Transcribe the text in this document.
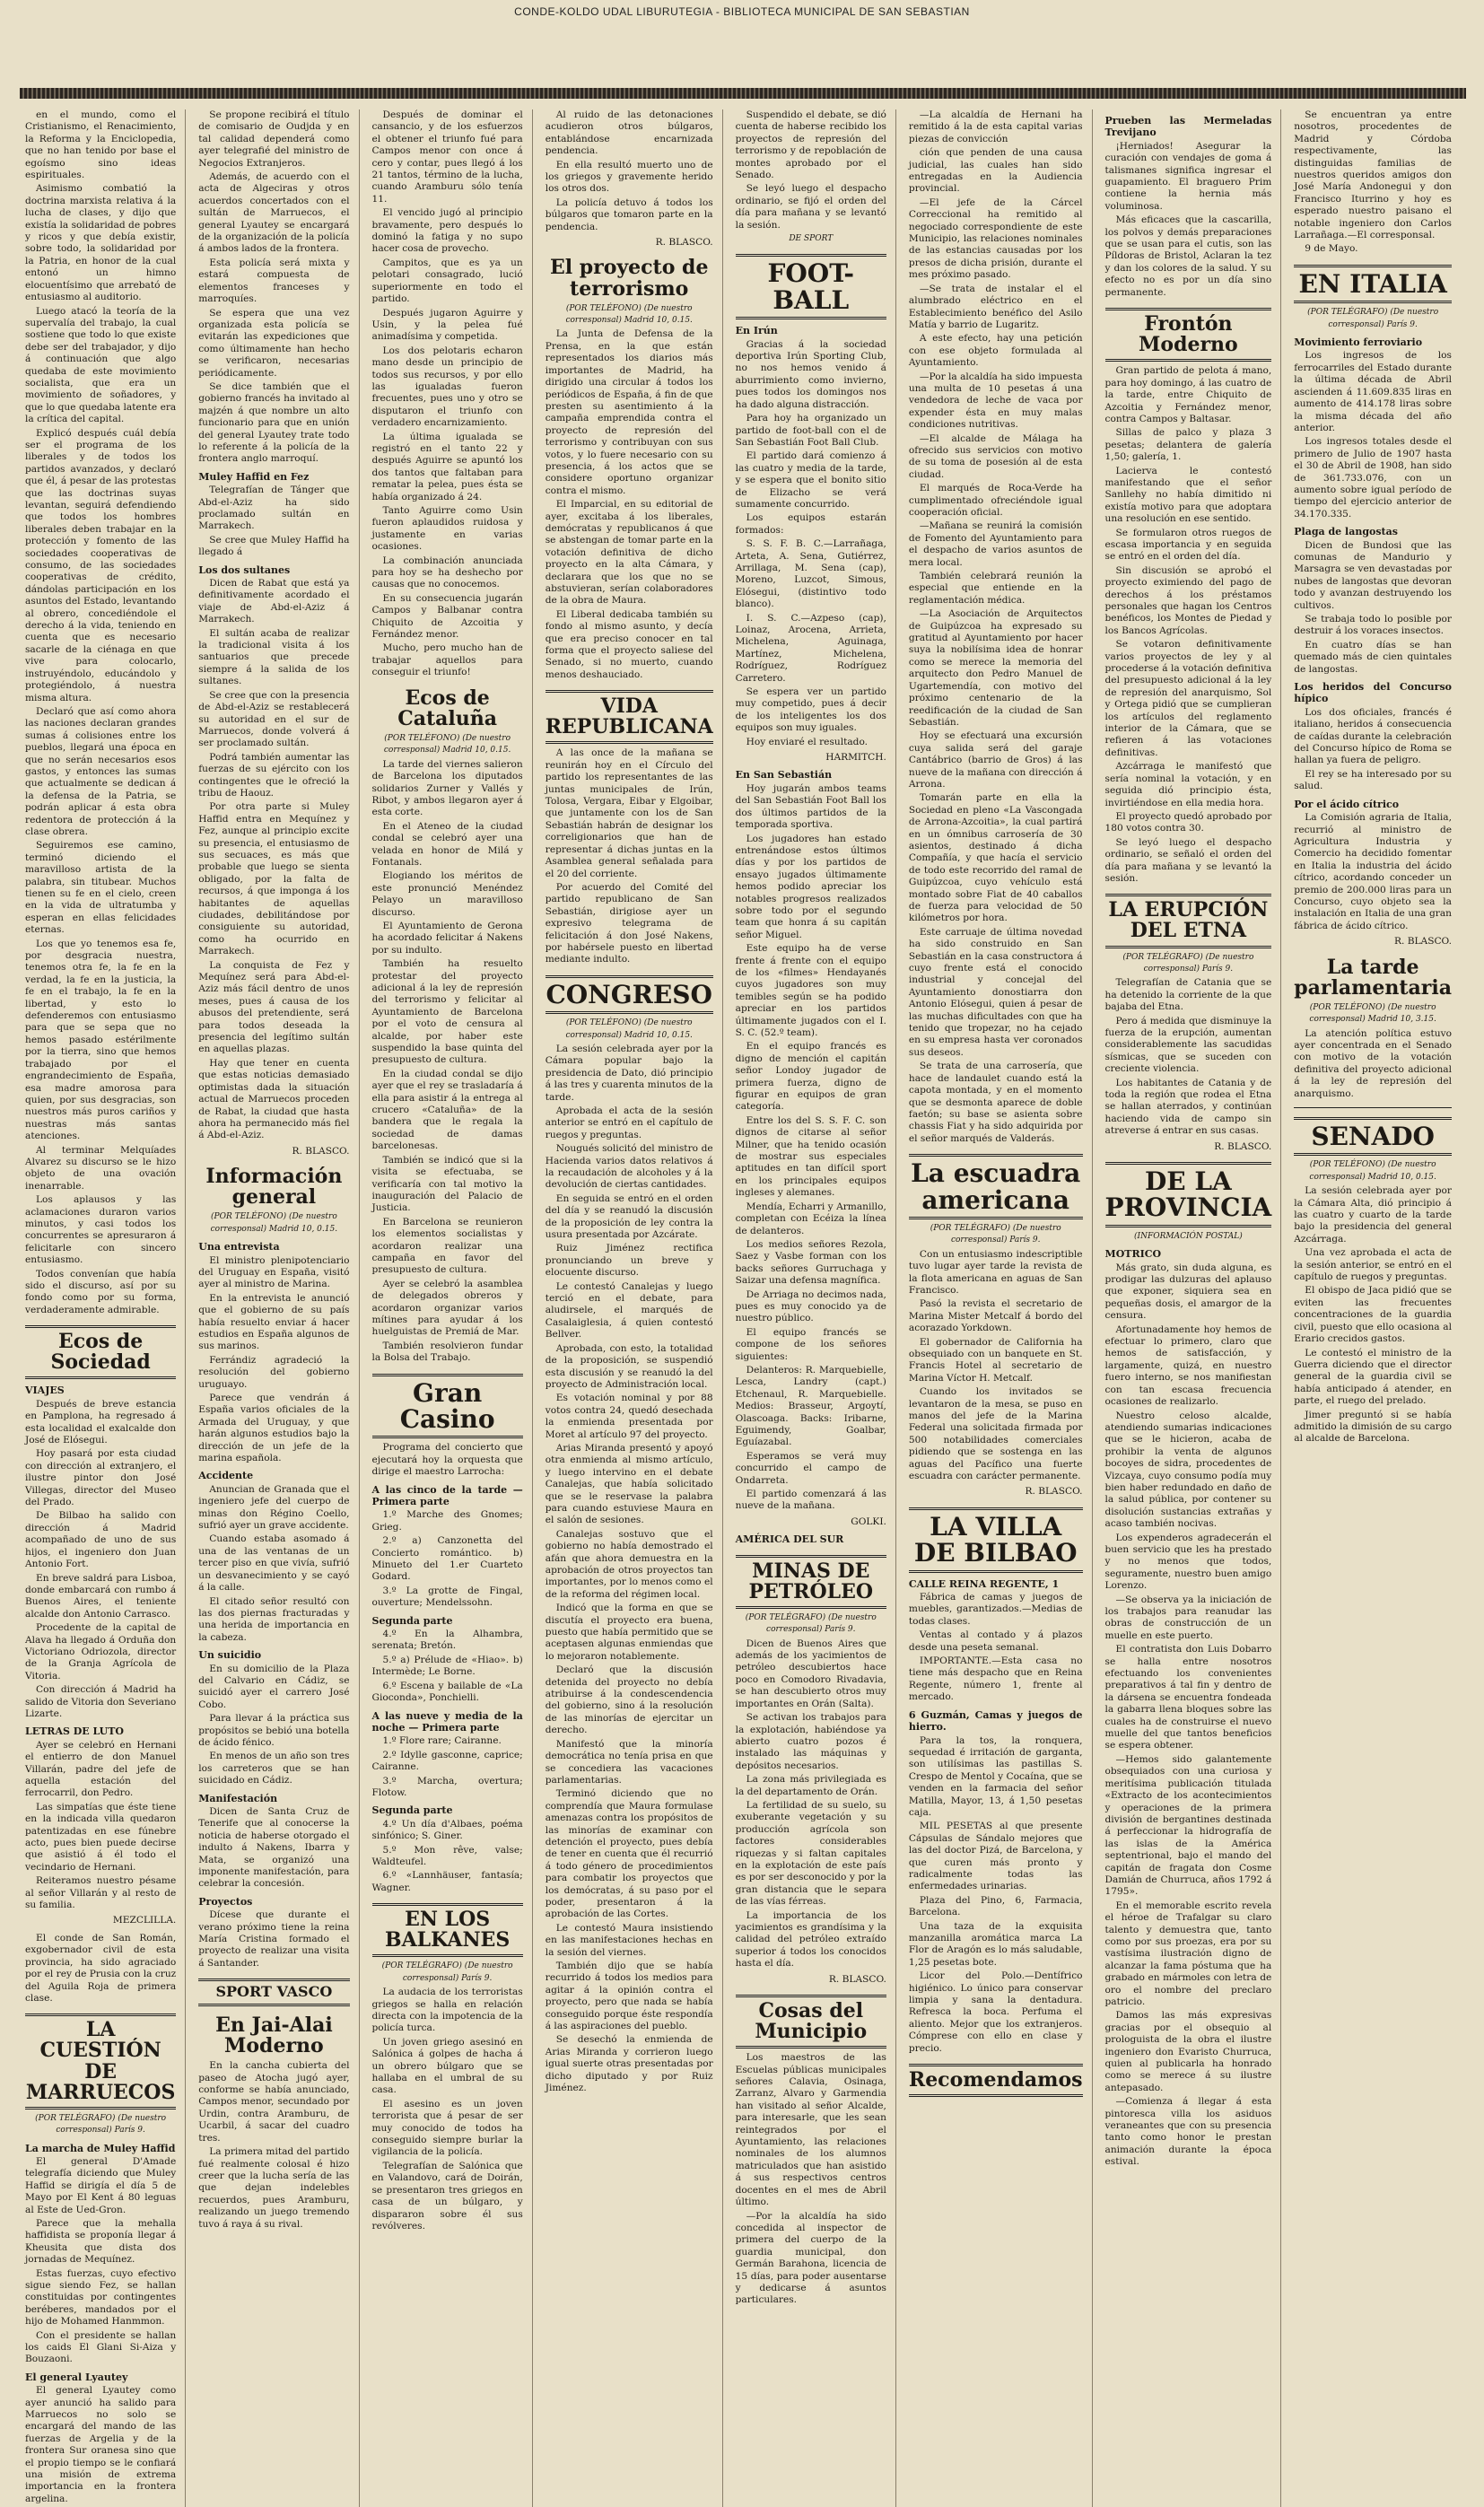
CONDE-KOLDO UDAL LIBURUTEGIA - BIBLIOTECA MUNICIPAL DE SAN SEBASTIAN

en el mundo, como el Cristianismo, el Renacimiento, la Reforma y la Enciclopedia, que no han tenido por base el egoísmo sino ideas espirituales.

Asimismo combatió la doctrina marxista relativa á la lucha de clases, y dijo que existía la solidaridad de pobres y ricos y que debía existir, sobre todo, la solidaridad por la Patria, en honor de la cual entonó un himno elocuentísimo que arrebató de entusiasmo al auditorio.

Luego atacó la teoría de la supervalía del trabajo, la cual sostiene que todo lo que existe debe ser del trabajador, y dijo á continuación que algo quedaba de este movimiento socialista, que era un movimiento de soñadores, y que lo que quedaba latente era la crítica del capital.

Explicó después cuál debía ser el programa de los liberales y de todos los partidos avanzados, y declaró que él, á pesar de las protestas que las doctrinas suyas levantan, seguirá defendiendo que todos los hombres liberales deben trabajar en la protección y fomento de las sociedades cooperativas de consumo, de las sociedades cooperativas de crédito, dándolas participación en los asuntos del Estado, levantando al obrero, concediéndole el derecho á la vida, teniendo en cuenta que es necesario sacarle de la ciénaga en que vive para colocarlo, instruyéndolo, educándolo y protegiéndolo, á nuestra misma altura.

Declaró que así como ahora las naciones declaran grandes sumas á colisiones entre los pueblos, llegará una época en que no serán necesarios esos gastos, y entonces las sumas que actualmente se dedican á la defensa de la Patria, se podrán aplicar á esta obra redentora de protección á la clase obrera.

Seguiremos ese camino, terminó diciendo el maravilloso artista de la palabra, sin titubear. Muchos tienen su fe en el cielo, creen en la vida de ultratumba y esperan en ellas felicidades eternas.

Los que yo tenemos esa fe, por desgracia nuestra, tenemos otra fe, la fe en la verdad, la fe en la justicia, la fe en el trabajo, la fe en la libertad, y esto lo defenderemos con entusiasmo para que se sepa que no hemos pasado estérilmente por la tierra, sino que hemos trabajado por el engrandecimiento de España, esa madre amorosa para quien, por sus desgracias, son nuestros más puros cariños y nuestras más santas atenciones.

Al terminar Melquíades Alvarez su discurso se le hizo objeto de una ovación inenarrable.

Los aplausos y las aclamaciones duraron varios minutos, y casi todos los concurrentes se apresuraron á felicitarle con sincero entusiasmo.

Todos convenían que había sido el discurso, así por su fondo como por su forma, verdaderamente admirable.

Ecos de Sociedad
VIAJES

Después de breve estancia en Pamplona, ha regresado á esta localidad el exalcalde don José de Elósegui.

Hoy pasará por esta ciudad con dirección al extranjero, el ilustre pintor don José Villegas, director del Museo del Prado.

De Bilbao ha salido con dirección á Madrid acompañado de uno de sus hijos, el ingeniero don Juan Antonio Fort.

En breve saldrá para Lisboa, donde embarcará con rumbo á Buenos Aires, el teniente alcalde don Antonio Carrasco.

Procedente de la capital de Alava ha llegado á Orduña don Victoriano Odriozola, director de la Granja Agrícola de Vitoria.

Con dirección á Madrid ha salido de Vitoria don Severiano Lizarte.

LETRAS DE LUTO

Ayer se celebró en Hernani el entierro de don Manuel Villarán, padre del jefe de aquella estación del ferrocarril, don Pedro.

Las simpatías que éste tiene en la indicada villa quedaron patentizadas en ese fúnebre acto, pues bien puede decirse que asistió á él todo el vecindario de Hernani.

Reiteramos nuestro pésame al señor Villarán y al resto de su familia.

MEZCLILLA.

El conde de San Román, exgobernador civil de esta provincia, ha sido agraciado por el rey de Prusia con la cruz del Aguila Roja de primera clase.

LA CUESTIÓN DE MARRUECOS
(POR TELÉGRAFO) (De nuestro corresponsal) París 9.
La marcha de Muley Haffid

El general D'Amade telegrafía diciendo que Muley Haffid se dirigía el día 5 de Mayo por El Kent á 80 leguas al Este de Ued-Gron.

Parece que la mehalla haffidista se proponía llegar á Kheusita que dista dos jornadas de Mequínez.

Estas fuerzas, cuyo efectivo sigue siendo Fez, se hallan constituidas por contingentes beréberes, mandados por el hijo de Mohamed Hanmmon.

Con el presidente se hallan los caids El Glani Si-Aiza y Bouzaoni.

El general Lyautey

El general Lyautey como ayer anunció ha salido para Marruecos no solo se encargará del mando de las fuerzas de Argelia y de la frontera Sur oranesa sino que el propio tiempo se le confiará una misión de extrema importancia en la frontera argelina.

Se propone recibirá el título de comisario de Oudjda y en tal calidad dependerá como ayer telegrafié del ministro de Negocios Extranjeros.

Además, de acuerdo con el acta de Algeciras y otros acuerdos concertados con el sultán de Marruecos, el general Lyautey se encargará de la organización de la policía á ambos lados de la frontera.

Esta policía será mixta y estará compuesta de elementos franceses y marroquíes.

Se espera que una vez organizada esta policía se evitarán las expediciones que como últimamente han hecho se verificaron, necesarias periódicamente.

Se dice también que el gobierno francés ha invitado al majzén á que nombre un alto funcionario para que en unión del general Lyautey trate todo lo referente á la policía de la frontera anglo marroquí.

Muley Haffid en Fez

Telegrafían de Tánger que Abd-el-Aziz ha sido proclamado sultán en Marrakech.

Se cree que Muley Haffid ha llegado á

Los dos sultanes

Dicen de Rabat que está ya definitivamente acordado el viaje de Abd-el-Aziz á Marrakech.

El sultán acaba de realizar la tradicional visita á los santuarios que precede siempre á la salida de los sultanes.

Se cree que con la presencia de Abd-el-Aziz se restablecerá su autoridad en el sur de Marruecos, donde volverá á ser proclamado sultán.

Podrá también aumentar las fuerzas de su ejército con los contingentes que le ofreció la tribu de Haouz.

Por otra parte si Muley Haffid entra en Mequínez y Fez, aunque al principio excite su presencia, el entusiasmo de sus secuaces, es más que probable que luego se sienta obligado, por la falta de recursos, á que imponga á los habitantes de aquellas ciudades, debilitándose por consiguiente su autoridad, como ha ocurrido en Marrakech.

La conquista de Fez y Mequínez será para Abd-el-Aziz más fácil dentro de unos meses, pues á causa de los abusos del pretendiente, será para todos deseada la presencia del legítimo sultán en aquellas plazas.

Hay que tener en cuenta que estas noticias demasiado optimistas dada la situación actual de Marruecos proceden de Rabat, la ciudad que hasta ahora ha permanecido más fiel á Abd-el-Aziz.

R. BLASCO.

Información general
(POR TELÉFONO) (De nuestro corresponsal) Madrid 10, 0.15.
Una entrevista

El ministro plenipotenciario del Uruguay en España, visitó ayer al ministro de Marina.

En la entrevista le anunció que el gobierno de su país había resuelto enviar á hacer estudios en España algunos de sus marinos.

Ferrándiz agradeció la resolución del gobierno uruguayo.

Parece que vendrán á España varios oficiales de la Armada del Uruguay, y que harán algunos estudios bajo la dirección de un jefe de la marina española.

Accidente

Anuncian de Granada que el ingeniero jefe del cuerpo de minas don Régino Coello, sufrió ayer un grave accidente.

Cuando estaba asomado á una de las ventanas de un tercer piso en que vivía, sufrió un desvanecimiento y se cayó á la calle.

El citado señor resultó con las dos piernas fracturadas y una herida de importancia en la cabeza.

Un suicidio

En su domicilio de la Plaza del Calvario en Cádiz, se suicidó ayer el carrero José Cobo.

Para llevar á la práctica sus propósitos se bebió una botella de ácido fénico.

En menos de un año son tres los carreteros que se han suicidado en Cádiz.

Manifestación

Dicen de Santa Cruz de Tenerife que al conocerse la noticia de haberse otorgado el indulto á Nakens, Ibarra y Mata, se organizó una imponente manifestación, para celebrar la concesión.

Proyectos

Dícese que durante el verano próximo tiene la reina María Cristina formado el proyecto de realizar una visita á Santander.

SPORT VASCO
En Jai-Alai Moderno

En la cancha cubierta del paseo de Atocha jugó ayer, conforme se había anunciado, Campos menor, secundado por Urdin, contra Aramburu, de Ucarbil, á sacar del cuadro tres.

La primera mitad del partido fué realmente colosal é hizo creer que la lucha sería de las que dejan indelebles recuerdos, pues Aramburu, realizando un juego tremendo tuvo á raya á su rival.

Después de dominar el cansancio, y de los esfuerzos el obtener el triunfo fué para Campos menor con once á cero y contar, pues llegó á los 21 tantos, término de la lucha, cuando Aramburu sólo tenía 11.

El vencido jugó al principio bravamente, pero después lo dominó la fatiga y no supo hacer cosa de provecho.

Campitos, que es ya un pelotari consagrado, lució superiormente en todo el partido.

Después jugaron Aguirre y Usin, y la pelea fué animadísima y competida.

Los dos pelotaris echaron mano desde un principio de todos sus recursos, y por ello las igualadas fueron frecuentes, pues uno y otro se disputaron el triunfo con verdadero encarnizamiento.

La última igualada se registró en el tanto 22 y después Aguirre se apuntó los dos tantos que faltaban para rematar la pelea, pues ésta se había organizado á 24.

Tanto Aguirre como Usin fueron aplaudidos ruidosa y justamente en varias ocasiones.

La combinación anunciada para hoy se ha deshecho por causas que no conocemos.

En su consecuencia jugarán Campos y Balbanar contra Chiquito de Azcoitia y Fernández menor.

Mucho, pero mucho han de trabajar aquellos para conseguir el triunfo!

Ecos de Cataluña
(POR TELÉFONO) (De nuestro corresponsal) Madrid 10, 0.15.

La tarde del viernes salieron de Barcelona los diputados solidarios Zurner y Vallés y Ribot, y ambos llegaron ayer á esta corte.

En el Ateneo de la ciudad condal se celebró ayer una velada en honor de Milá y Fontanals.

Elogiando los méritos de este pronunció Menéndez Pelayo un maravilloso discurso.

El Ayuntamiento de Gerona ha acordado felicitar á Nakens por su indulto.

También ha resuelto protestar del proyecto adicional á la ley de represión del terrorismo y felicitar al Ayuntamiento de Barcelona por el voto de censura al alcalde, por haber este suspendido la base quinta del presupuesto de cultura.

En la ciudad condal se dijo ayer que el rey se trasladaría á ella para asistir á la entrega al crucero «Cataluña» de la bandera que le regala la sociedad de damas barcelonesas.

También se indicó que si la visita se efectuaba, se verificaría con tal motivo la inauguración del Palacio de Justicia.

En Barcelona se reunieron los elementos socialistas y acordaron realizar una campaña en favor del presupuesto de cultura.

Ayer se celebró la asamblea de delegados obreros y acordaron organizar varios mítines para ayudar á los huelguistas de Premiá de Mar.

También resolvieron fundar la Bolsa del Trabajo.

Gran Casino

Programa del concierto que ejecutará hoy la orquesta que dirige el maestro Larrocha:

A las cinco de la tarde — Primera parte

1.º Marche des Gnomes; Grieg.

2.º a) Canzonetta del Concierto romántico. b) Minueto del 1.er Cuarteto Godard.

3.º La grotte de Fingal, ouverture; Mendelssohn.

Segunda parte

4.º En la Alhambra, serenata; Bretón.

5.º a) Prélude de «Hiao». b) Intermède; Le Borne.

6.º Escena y bailable de «La Gioconda», Ponchielli.

A las nueve y media de la noche — Primera parte

1.º Flore rare; Cairanne.

2.º Idylle gasconne, caprice; Cairanne.

3.º Marcha, overtura; Flotow.

Segunda parte

4.º Un día d'Albaes, poéma sinfónico; S. Giner.

5.º Mon rêve, valse; Waldteufel.

6.º «Lannhäuser, fantasía; Wagner.

EN LOS BALKANES
(POR TELÉGRAFO) (De nuestro corresponsal) París 9.

La audacia de los terroristas griegos se halla en relación directa con la impotencia de la policía turca.

Un joven griego asesinó en Salónica á golpes de hacha á un obrero búlgaro que se hallaba en el umbral de su casa.

El asesino es un joven terrorista que á pesar de ser muy conocido de todos ha conseguido siempre burlar la vigilancia de la policía.

Telegrafían de Salónica que en Valandovo, cará de Doirán, se presentaron tres griegos en casa de un búlgaro, y dispararon sobre él sus revólveres.

Al ruido de las detonaciones acudieron otros búlgaros, entablándose encarnizada pendencia.

En ella resultó muerto uno de los griegos y gravemente herido los otros dos.

La policía detuvo á todos los búlgaros que tomaron parte en la pendencia.

R. BLASCO.

El proyecto de terrorismo
(POR TELÉFONO) (De nuestro corresponsal) Madrid 10, 0.15.

La Junta de Defensa de la Prensa, en la que están representados los diarios más importantes de Madrid, ha dirigido una circular á todos los periódicos de España, á fin de que presten su asentimiento á la campaña emprendida contra el proyecto de represión del terrorismo y contribuyan con sus votos, y lo fuere necesario con su presencia, á los actos que se considere oportuno organizar contra el mismo.

El Imparcial, en su editorial de ayer, excitaba á los liberales, demócratas y republicanos á que se abstengan de tomar parte en la votación definitiva de dicho proyecto en la alta Cámara, y declarara que los que no se abstuvieran, serían colaboradores de la obra de Maura.

El Liberal dedicaba también su fondo al mismo asunto, y decía que era preciso conocer en tal forma que el proyecto saliese del Senado, si no muerto, cuando menos deshauciado.

VIDA REPUBLICANA

A las once de la mañana se reunirán hoy en el Círculo del partido los representantes de las juntas municipales de Irún, Tolosa, Vergara, Eibar y Elgoibar, que juntamente con los de San Sebastián habrán de designar los correligionarios que han de representar á dichas juntas en la Asamblea general señalada para el 20 del corriente.

Por acuerdo del Comité del partido republicano de San Sebastián, dirigiose ayer un expresivo telegrama de felicitación á don José Nakens, por habérsele puesto en libertad mediante indulto.

CONGRESO
(POR TELÉFONO) (De nuestro corresponsal) Madrid 10, 0.15.

La sesión celebrada ayer por la Cámara popular bajo la presidencia de Dato, dió principio á las tres y cuarenta minutos de la tarde.

Aprobada el acta de la sesión anterior se entró en el capítulo de ruegos y preguntas.

Nougués solicitó del ministro de Hacienda varios datos relativos á la recaudación de alcoholes y á la devolución de ciertas cantidades.

En seguida se entró en el orden del día y se reanudó la discusión de la proposición de ley contra la usura presentada por Azcárate.

Ruiz Jiménez rectifica pronunciando un breve y elocuente discurso.

Le contestó Canalejas y luego terció en el debate, para aludirsele, el marqués de Casalaiglesia, á quien contestó Bellver.

Aprobada, con esto, la totalidad de la proposición, se suspendió esta discusión y se reanudó la del proyecto de Administración local.

Es votación nominal y por 88 votos contra 24, quedó desechada la enmienda presentada por Moret al artículo 97 del proyecto.

Arias Miranda presentó y apoyó otra enmienda al mismo artículo, y luego intervino en el debate Canalejas, que había solicitado que se le reservase la palabra para cuando estuviese Maura en el salón de sesiones.

Canalejas sostuvo que el gobierno no había demostrado el afán que ahora demuestra en la aprobación de otros proyectos tan importantes, por lo menos como el de la reforma del régimen local.

Indicó que la forma en que se discutía el proyecto era buena, puesto que había permitido que se aceptasen algunas enmiendas que lo mejoraron notablemente.

Declaró que la discusión detenida del proyecto no debía atribuirse á la condescendencia del gobierno, sino á la resolución de las minorías de ejercitar un derecho.

Manifestó que la minoría democrática no tenía prisa en que se concediera las vacaciones parlamentarias.

Terminó diciendo que no comprendía que Maura formulase amenazas contra los propósitos de las minorías de examinar con detención el proyecto, pues debía de tener en cuenta que él recurrió á todo género de procedimientos para combatir los proyectos que los demócratas, á su paso por el poder, presentaron á la aprobación de las Cortes.

Le contestó Maura insistiendo en las manifestaciones hechas en la sesión del viernes.

También dijo que se había recurrido á todos los medios para agitar á la opinión contra el proyecto, pero que nada se había conseguido porque éste respondía á las aspiraciones del pueblo.

Se desechó la enmienda de Arias Miranda y corrieron luego igual suerte otras presentadas por dicho diputado y por Ruiz Jiménez.

Suspendido el debate, se dió cuenta de haberse recibido los proyectos de represión del terrorismo y de repoblación de montes aprobado por el Senado.

Se leyó luego el despacho ordinario, se fijó el orden del día para mañana y se levantó la sesión.

DE SPORT
FOOT-BALL
En Irún

Gracias á la sociedad deportiva Irún Sporting Club, no nos hemos venido á aburrimiento como invierno, pues todos los domingos nos ha dado alguna distracción.

Para hoy ha organizado un partido de foot-ball con el de San Sebastián Foot Ball Club.

El partido dará comienzo á las cuatro y media de la tarde, y se espera que el bonito sitio de Elizacho se verá sumamente concurrido.

Los equipos estarán formados:

S. S. F. B. C.—Larrañaga, Arteta, A. Sena, Gutiérrez, Arrillaga, M. Sena (cap), Moreno, Luzcot, Simous, Elósegui, (distintivo todo blanco).

I. S. C.—Azpeso (cap), Loinaz, Arocena, Arrieta, Michelena, Aguinaga, Martínez, Michelena, Rodríguez, Rodríguez Carretero.

Se espera ver un partido muy competido, pues á decir de los inteligentes los dos equipos son muy iguales.

Hoy enviaré el resultado.

HARMITCH.

En San Sebastián

Hoy jugarán ambos teams del San Sebastián Foot Ball los dos últimos partidos de la temporada sportiva.

Los jugadores han estado entrenándose estos últimos días y por los partidos de ensayo jugados últimamente hemos podido apreciar los notables progresos realizados sobre todo por el segundo team que honra á su capitán señor Miguel.

Este equipo ha de verse frente á frente con el equipo de los «filmes» Hendayanés cuyos jugadores son muy temibles según se ha podido apreciar en los partidos últimamente jugados con el I. S. C. (52.º team).

En el equipo francés es digno de mención el capitán señor Londoy jugador de primera fuerza, digno de figurar en equipos de gran categoría.

Entre los del S. S. F. C. son dignos de citarse al señor Milner, que ha tenido ocasión de mostrar sus especiales aptitudes en tan difícil sport en los principales equipos ingleses y alemanes.

Mendía, Echarri y Armanillo, completan con Ecéiza la línea de delanteros.

Los medios señores Rezola, Saez y Vasbe forman con los backs señores Gurruchaga y Saizar una defensa magnífica.

De Arriaga no decimos nada, pues es muy conocido ya de nuestro público.

El equipo francés se compone de los señores siguientes:

Delanteros: R. Marquebielle, Lesca, Landry (capt.) Etchenaul, R. Marquebielle. Medios: Brasseur, Argoytí, Olascoaga. Backs: Iribarne, Eguimendy, Goalbar, Eguíazabal.

Esperamos se verá muy concurrido el campo de Ondarreta.

El partido comenzará á las nueve de la mañana.

GOLKI.

AMÉRICA DEL SUR
MINAS DE PETRÓLEO
(POR TELÉGRAFO) (De nuestro corresponsal) París 9.

Dicen de Buenos Aires que además de los yacimientos de petróleo descubiertos hace poco en Comodoro Rivadavia, se han descubierto otros muy importantes en Orán (Salta).

Se activan los trabajos para la explotación, habiéndose ya abierto cuatro pozos é instalado las máquinas y depósitos necesarios.

La zona más privilegiada es la del departamento de Orán.

La fertilidad de su suelo, su exuberante vegetación y su producción agrícola son factores considerables riquezas y si faltan capitales en la explotación de este país es por ser desconocido y por la gran distancia que le separa de las vías férreas.

La importancia de los yacimientos es grandísima y la calidad del petróleo extraído superior á todos los conocidos hasta el día.

R. BLASCO.

Cosas del Municipio

Los maestros de las Escuelas públicas municipales señores Calavia, Osinaga, Zarranz, Alvaro y Garmendia han visitado al señor Alcalde, para interesarle, que les sean reintegrados por el Ayuntamiento, las relaciones nominales de los alumnos matriculados que han asistido á sus respectivos centros docentes en el mes de Abril último.

—Por la alcaldía ha sido concedida al inspector de primera del cuerpo de la guardia municipal, don Germán Barahona, licencia de 15 días, para poder ausentarse y dedicarse á asuntos particulares.

—La alcaldía de Hernani ha remitido á la de esta capital varias piezas de convicción

ción que penden de una causa judicial, las cuales han sido entregadas en la Audiencia provincial.

—El jefe de la Cárcel Correccional ha remitido al negociado correspondiente de este Municipio, las relaciones nominales de las estancias causadas por los presos de dicha prisión, durante el mes próximo pasado.

—Se trata de instalar el el alumbrado eléctrico en el Establecimiento benéfico del Asilo Matía y barrio de Lugaritz.

A este efecto, hay una petición con ese objeto formulada al Ayuntamiento.

—Por la alcaldía ha sido impuesta una multa de 10 pesetas á una vendedora de leche de vaca por expender ésta en muy malas condiciones nutritivas.

—El alcalde de Málaga ha ofrecido sus servicios con motivo de su toma de posesión al de esta ciudad.

El marqués de Roca-Verde ha cumplimentado ofreciéndole igual cooperación oficial.

—Mañana se reunirá la comisión de Fomento del Ayuntamiento para el despacho de varios asuntos de mera local.

También celebrará reunión la especial que entiende en la reglamentación médica.

—La Asociación de Arquitectos de Guipúzcoa ha expresado su gratitud al Ayuntamiento por hacer suya la nobilísima idea de honrar como se merece la memoria del arquitecto don Pedro Manuel de Ugartemendía, con motivo del próximo centenario de la reedificación de la ciudad de San Sebastián.

Hoy se efectuará una excursión cuya salida será del garaje Cantábrico (barrio de Gros) á las nueve de la mañana con dirección á Arrona.

Tomarán parte en ella la Sociedad en pleno «La Vascongada de Arrona-Azcoitia», la cual partirá en un ómnibus carrosería de 30 asientos, destinado á dicha Compañía, y que hacía el servicio de todo este recorrido del ramal de Guipúzcoa, cuyo vehículo está montado sobre Fiat de 40 caballos de fuerza para velocidad de 50 kilómetros por hora.

Este carruaje de última novedad ha sido construido en San Sebastián en la casa constructora á cuyo frente está el conocido industrial y concejal del Ayuntamiento donostiarra don Antonio Elósegui, quien á pesar de las muchas dificultades con que ha tenido que tropezar, no ha cejado en su empresa hasta ver coronados sus deseos.

Se trata de una carrosería, que hace de landaulet cuando está la capota montada, y en el momento que se desmonta aparece de doble faetón; su base se asienta sobre chassis Fiat y ha sido adquirida por el señor marqués de Valderás.

La escuadra americana
(POR TELÉGRAFO) (De nuestro corresponsal) París 9.

Con un entusiasmo indescriptible tuvo lugar ayer tarde la revista de la flota americana en aguas de San Francisco.

Pasó la revista el secretario de Marina Mister Metcalf á bordo del acorazado Yorkdown.

El gobernador de California ha obsequiado con un banquete en St. Francis Hotel al secretario de Marina Víctor H. Metcalf.

Cuando los invitados se levantaron de la mesa, se puso en manos del jefe de la Marina Federal una solicitada firmada por 500 notabilidades comerciales pidiendo que se sostenga en las aguas del Pacífico una fuerte escuadra con carácter permanente.

R. BLASCO.

LA VILLA DE BILBAO
CALLE REINA REGENTE, 1

Fábrica de camas y juegos de muebles, garantizados.—Medias de todas clases.

Ventas al contado y á plazos desde una peseta semanal.

IMPORTANTE.—Esta casa no tiene más despacho que en Reina Regente, número 1, frente al mercado.

6 Guzmán, Camas y juegos de hierro.

Para la tos, la ronquera, sequedad é irritación de garganta, son utilísimas las pastillas S. Crespo de Mentol y Cocaína, que se venden en la farmacia del señor Matilla, Mayor, 13, á 1,50 pesetas caja.

MIL PESETAS al que presente Cápsulas de Sándalo mejores que las del doctor Pizá, de Barcelona, y que curen más pronto y radicalmente todas las enfermedades urinarias.

Plaza del Pino, 6, Farmacia, Barcelona.

Una taza de la exquisita manzanilla aromática marca La Flor de Aragón es lo más saludable, 1,25 pesetas bote.

Licor del Polo.—Dentífrico higiénico. Lo único para conservar limpia y sana la dentadura. Refresca la boca. Perfuma el aliento. Mejor que los extranjeros. Cómprese con ello en clase y precio.

Recomendamos
Prueben las Mermeladas Trevijano

¡Herniados! Asegurar la curación con vendajes de goma á talismanes significa ingresar el guapamiento. El braguero Prim contiene la hernia más voluminosa.

Más eficaces que la cascarilla, los polvos y demás preparaciones que se usan para el cutis, son las Píldoras de Bristol, Aclaran la tez y dan los colores de la salud. Y su efecto no es por un día sino permanente.

Frontón Moderno

Gran partido de pelota á mano, para hoy domingo, á las cuatro de la tarde, entre Chiquito de Azcoitia y Fernández menor, contra Campos y Baltasar.

Sillas de palco y plaza 3 pesetas; delantera de galería 1,50; galería, 1.

Lacierva le contestó manifestando que el señor Sanllehy no había dimitido ni existía motivo para que adoptara una resolución en ese sentido.

Se formularon otros ruegos de escasa importancia y en seguida se entró en el orden del día.

Sin discusión se aprobó el proyecto eximiendo del pago de derechos á los préstamos personales que hagan los Centros benéficos, los Montes de Piedad y los Bancos Agrícolas.

Se votaron definitivamente varios proyectos de ley y al procederse á la votación definitiva del presupuesto adicional á la ley de represión del anarquismo, Sol y Ortega pidió que se cumplieran los artículos del reglamento interior de la Cámara, que se refieren á las votaciones definitivas.

Azcárraga le manifestó que sería nominal la votación, y en seguida dió principio ésta, invirtiéndose en ella media hora.

El proyecto quedó aprobado por 180 votos contra 30.

Se leyó luego el despacho ordinario, se señaló el orden del día para mañana y se levantó la sesión.

LA ERUPCIÓN DEL ETNA
(POR TELÉGRAFO) (De nuestro corresponsal) París 9.

Telegrafían de Catania que se ha detenido la corriente de la que bajaba del Etna.

Pero á medida que disminuye la fuerza de la erupción, aumentan considerablemente las sacudidas sísmicas, que se suceden con creciente violencia.

Los habitantes de Catania y de toda la región que rodea el Etna se hallan aterrados, y continúan haciendo vida de campo sin atreverse á entrar en sus casas.

R. BLASCO.

DE LA PROVINCIA
(INFORMACIÓN POSTAL)
MOTRICO

Más grato, sin duda alguna, es prodigar las dulzuras del aplauso que exponer, siquiera sea en pequeñas dosis, el amargor de la censura.

Afortunadamente hoy hemos de efectuar lo primero, claro que hemos de satisfacción, y largamente, quizá, en nuestro fuero interno, se nos manifiestan con tan escasa frecuencia ocasiones de realizarlo.

Nuestro celoso alcalde, atendiendo sumarias indicaciones que se le hicieron, acaba de prohibir la venta de algunos bocoyes de sidra, procedentes de Vizcaya, cuyo consumo podía muy bien haber redundado en daño de la salud pública, por contener su disolución sustancias extrañas y acaso también nocivas.

Los expenderos agradecerán el buen servicio que les ha prestado y no menos que todos, seguramente, nuestro buen amigo Lorenzo.

—Se observa ya la iniciación de los trabajos para reanudar las obras de construcción de un muelle en este puerto.

El contratista don Luis Dobarro se halla entre nosotros efectuando los convenientes preparativos á tal fin y dentro de la dársena se encuentra fondeada la gabarra llena bloques sobre las cuales ha de construirse el nuevo muelle del que tantos beneficios se espera obtener.

—Hemos sido galantemente obsequiados con una curiosa y meritísima publicación titulada «Extracto de los acontecimientos y operaciones de la primera división de bergantines destinada á perfeccionar la hidrografía de las islas de la América septentrional, bajo el mando del capitán de fragata don Cosme Damián de Churruca, años 1792 á 1795».

En el memorable escrito revela el héroe de Trafalgar su claro talento y demuestra que, tanto como por sus proezas, era por su vastísima ilustración digno de alcanzar la fama póstuma que ha grabado en mármoles con letra de oro el nombre del preclaro patricio.

Damos las más expresivas gracias por el obsequio al prologuista de la obra el ilustre ingeniero don Evaristo Churruca, quien al publicarla ha honrado como se merece á su ilustre antepasado.

—Comienza á llegar á esta pintoresca villa los asiduos veraneantes que con su presencia tanto como honor le prestan animación durante la época estival.

Se encuentran ya entre nosotros, procedentes de Madrid y Córdoba respectivamente, las distinguidas familias de nuestros queridos amigos don José María Andonegui y don Francisco Iturrino y hoy es esperado nuestro paisano el notable ingeniero don Carlos Larrañaga.—El corresponsal.

9 de Mayo.

EN ITALIA
(POR TELÉGRAFO) (De nuestro corresponsal) París 9.
Movimiento ferroviario

Los ingresos de los ferrocarriles del Estado durante la última década de Abril ascienden á 11.609.835 liras en aumento de 414.178 liras sobre la misma década del año anterior.

Los ingresos totales desde el primero de Julio de 1907 hasta el 30 de Abril de 1908, han sido de 361.733.076, con un aumento sobre igual período de tiempo del ejercicio anterior de 34.170.335.

Plaga de langostas

Dicen de Bundosi que las comunas de Mandurio y Marsagra se ven devastadas por nubes de langostas que devoran todo y avanzan destruyendo los cultivos.

Se trabaja todo lo posible por destruir á los voraces insectos.

En cuatro días se han quemado más de cien quintales de langostas.

Los heridos del Concurso hípico

Los dos oficiales, francés é italiano, heridos á consecuencia de caídas durante la celebración del Concurso hípico de Roma se hallan ya fuera de peligro.

El rey se ha interesado por su salud.

Por el ácido cítrico

La Comisión agraria de Italia, recurrió al ministro de Agricultura Industria y Comercio ha decidido fomentar en Italia la industria del ácido cítrico, acordando conceder un premio de 200.000 liras para un Concurso, cuyo objeto sea la instalación en Italia de una gran fábrica de ácido cítrico.

R. BLASCO.

La tarde parlamentaria
(POR TELÉFONO) (De nuestro corresponsal) Madrid 10, 3.15.

La atención política estuvo ayer concentrada en el Senado con motivo de la votación definitiva del proyecto adicional á la ley de represión del anarquismo.

SENADO
(POR TELÉFONO) (De nuestro corresponsal) Madrid 10, 0.15.

La sesión celebrada ayer por la Cámara Alta, dió principio á las cuatro y cuarto de la tarde bajo la presidencia del general Azcárraga.

Una vez aprobada el acta de la sesión anterior, se entró en el capítulo de ruegos y preguntas.

El obispo de Jaca pidió que se eviten las frecuentes concentraciones de la guardia civil, puesto que ello ocasiona al Erario crecidos gastos.

Le contestó el ministro de la Guerra diciendo que el director general de la guardia civil se había anticipado á atender, en parte, el ruego del prelado.

Jimer preguntó si se había admitido la dimisión de su cargo al alcalde de Barcelona.
